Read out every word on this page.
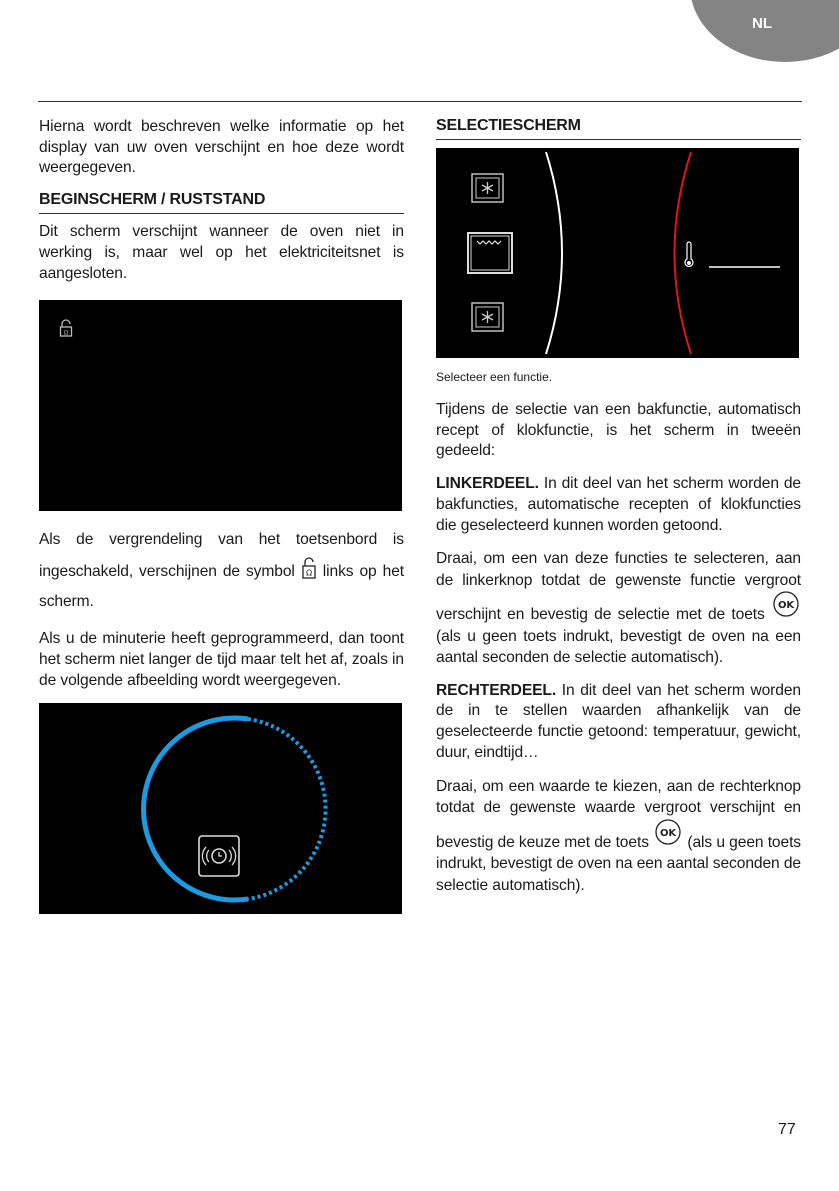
NL

Hierna wordt beschreven welke informatie op het display van uw oven verschijnt en hoe deze wordt weergegeven.

BEGINSCHERM / RUSTSTAND

Dit scherm verschijnt wanneer de oven niet in werking is, maar wel op het elektriciteitsnet is aangesloten.

Ω

Als de vergrendeling van het toetsenbord is ingeschakeld, verschijnen de symbol Ω links op het scherm.

Als u de minuterie heeft geprogrammeerd, dan toont het scherm niet langer de tijd maar telt het af, zoals in de volgende afbeelding wordt weergegeven.

SELECTIESCHERM
Selecteer een functie.

Tijdens de selectie van een bakfunctie, automatisch recept of klokfunctie, is het scherm in tweeën gedeeld:

LINKERDEEL. In dit deel van het scherm worden de bakfuncties, automatische recepten of klokfuncties die geselecteerd kunnen worden getoond.

Draai, om een van deze functies te selecteren, aan de linkerknop totdat de gewenste functie vergroot verschijnt en bevestig de selectie met de toets
OK
(als u geen toets indrukt, bevestigt de oven na een aantal seconden de selectie automatisch).

RECHTERDEEL. In dit deel van het scherm worden de in te stellen waarden afhankelijk van de geselecteerde functie getoond: temperatuur, gewicht, duur, eindtijd…

Draai, om een waarde te kiezen, aan de rechterknop totdat de gewenste waarde vergroot verschijnt en bevestig de keuze met de toets
OK
(als u geen toets indrukt, bevestigt de oven na een aantal seconden de selectie automatisch).

77
